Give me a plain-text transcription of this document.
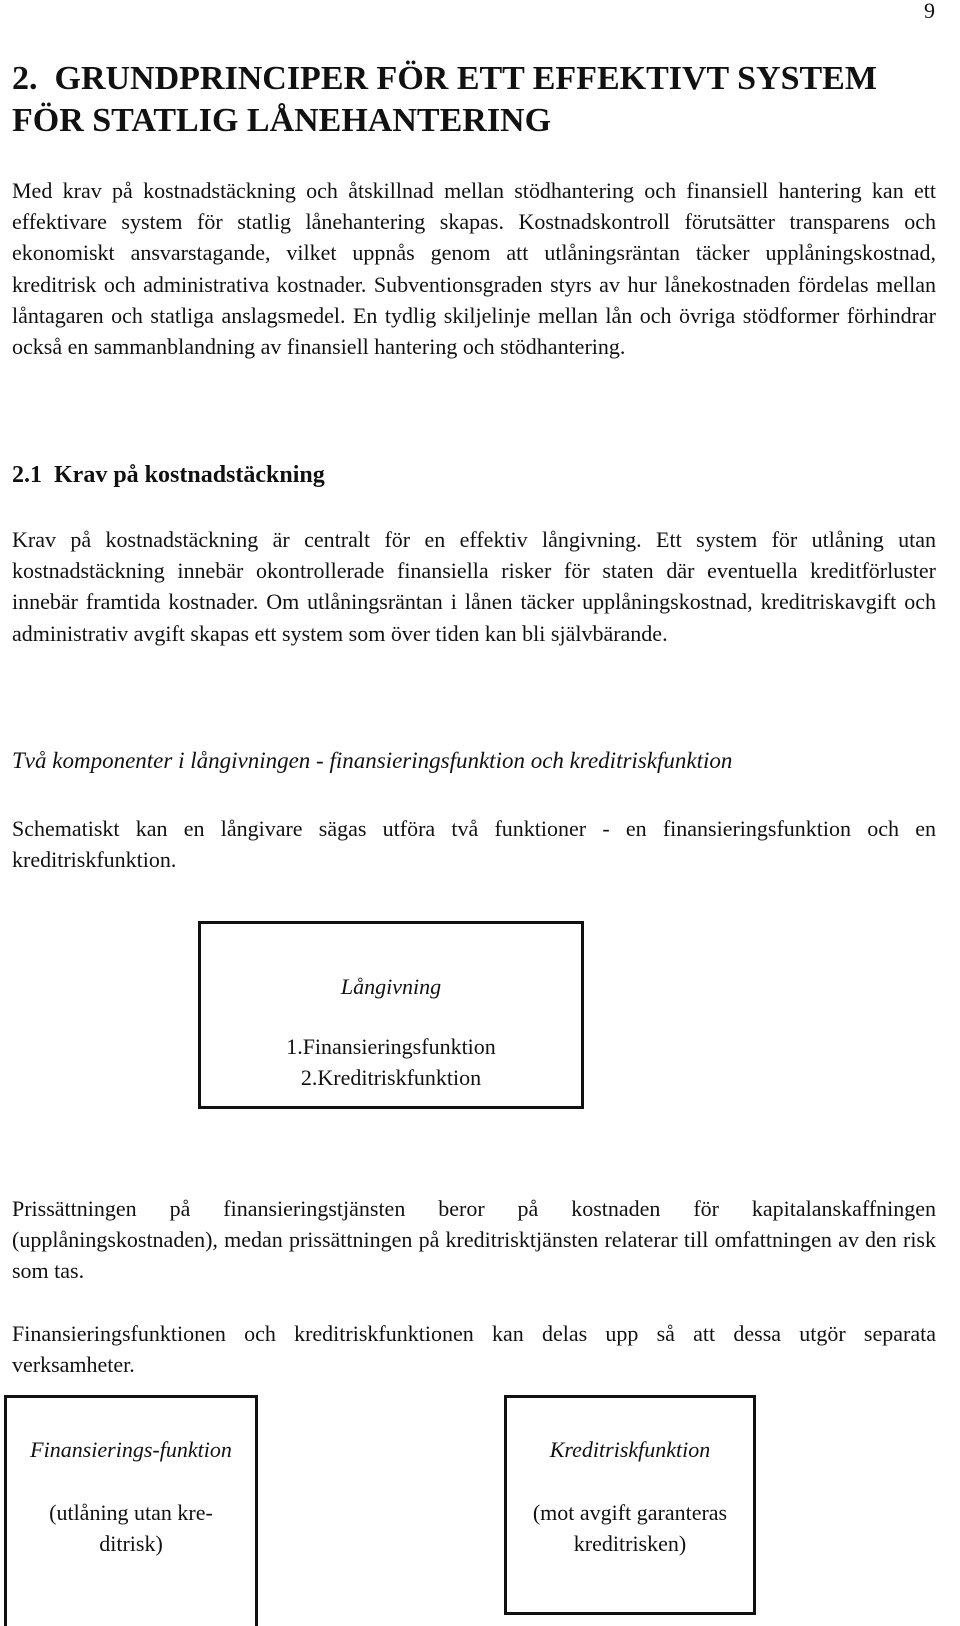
9
2.  GRUNDPRINCIPER FÖR ETT EFFEKTIVT SYSTEM
FÖR STATLIG LÅNEHANTERING
Med krav på kostnadstäckning och åtskillnad mellan stödhantering och finansiell hantering kan ett effektivare system för statlig lånehantering skapas. Kostnadskontroll förutsätter transparens och ekonomiskt ansvarstagande, vilket uppnås genom att utlåningsräntan täcker upplåningskostnad, kreditrisk och administrativa kostnader. Subventionsgraden styrs av hur lånekostnaden fördelas mellan låntagaren och statliga anslagsmedel. En tydlig skiljelinje mellan lån och övriga stödformer förhindrar också en sammanblandning av finansiell hantering och stödhantering.
2.1  Krav på kostnadstäckning
Krav på kostnadstäckning är centralt för en effektiv långivning. Ett system för utlåning utan kostnadstäckning innebär okontrollerade finansiella risker för staten där eventuella kreditförluster innebär framtida kostnader. Om utlåningsräntan i lånen täcker upplåningskostnad, kreditriskavgift och administrativ avgift skapas ett system som över tiden kan bli självbärande.
Två komponenter i långivningen - finansieringsfunktion och kreditriskfunktion
Schematiskt kan en långivare sägas utföra två funktioner - en finansieringsfunktion och en kreditriskfunktion.
Långivning
1.Finansieringsfunktion
2.Kreditriskfunktion
Prissättningen på finansieringstjänsten beror på kostnaden för kapitalanskaffningen (upplåningskostnaden), medan prissättningen på kreditrisktjänsten relaterar till omfattningen av den risk som tas.
Finansieringsfunktionen och kreditriskfunktionen kan delas upp så att dessa utgör separata verksamheter.
Finansierings-funktion
(utlåning utan kre-ditrisk)
Kreditriskfunktion
(mot avgift garanteras kreditrisken)
